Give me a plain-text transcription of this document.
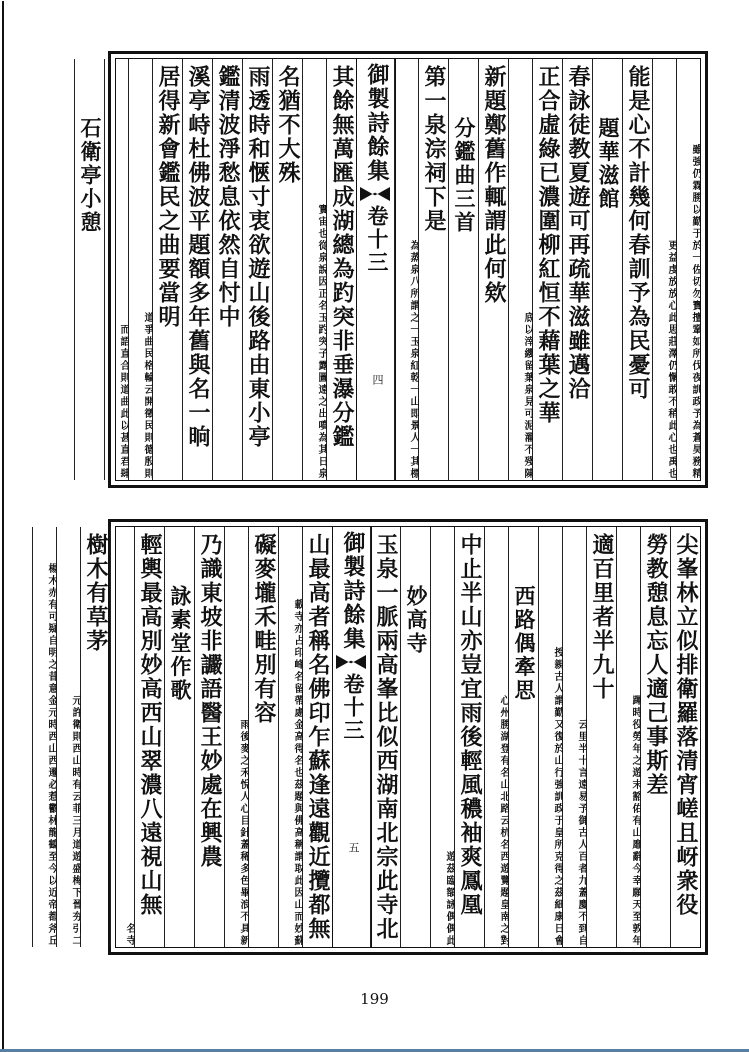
寶擅鞏如所伐夜訓政予為蒼昊務精
雖強仍霖勝以勤于於一佐切勿
仍懈敢不稍此心也禹也
更益虔放放心此思莊澤
能是心不計幾何春訓予為民憂可
題華滋館
春詠徒教夏遊可再疏華滋雖邁洽
正合虛綠已濃圍柳紅恒不藉葉之華
見可泥濯不殘陳
底以滓纓留葉泉
新題鄭舊作輒謂此何欸
分鑑曲三首
第一泉淙祠下是
紅乾一山即景人一其標
為蒸泉八所謂之一玉泉
御製詩餘集
卷十三
四
其餘無萬匯成湖總為趵突非垂瀑分鑑
突子露圖遠之出噴為其日泉
實宙也從泉說因正名玉趵
名猶不大殊
雨透時和愜寸衷欲遊山後路由東小亭
鑑清波淨愁息依然自忖中
溪亭峙杜佛波平題額多年舊與名一晌
居得新會鑑民之曲要當明
開徵民則德殷則
道爭曲民格輪云
曲此以甚直君肆
而語直合則道
石衛亭小憩
尖峯林立似排衛羅落清宵嵯且岈衆役
勞教憩息忘人適己事斯差
有山靡辭今幸願天至敦年
蹕時役勞年之遊末豁佑
適百里者半九十
古人百者九蓋慶不到自
云里半十言遠易予御
訓政于皇所克得之茲細康日會
授親古人謂勤又復於山行強
西路偶牽思
云杭名西遊覽題皇南之對
心州勝湖登有名山北路
中止半山亦豈宜雨後輕風穠袖爽鳳凰
額詠偶偶此
遊茲臨
妙高寺
玉泉一脈兩高峯比似西湖南北宗此寺北
御製詩餘集
卷十三
五
山最高者稱名佛印乍蘇逢遠觀近攬都無
也茲題與佛高稱謂取此因山而妙蘇
載寺亦占印峰名留帶處金高得名
礙麥壠禾畦別有容
針蓋稀多色畢浪不具新
雨後麥之禾悅人心目
乃識東坡非讝語醫王妙處在興農
詠素堂作歌
輕輿最高別妙高西山翠濃八遠視山無
寺
名
樹木有草茅
三月道遊盛梅下晉夯引二
元許衛則西山時有云菲
西遷必惹鬱林龍鶴至今以近帝都斧丘
楊木赤有可疑自明之昔意金元時西山
199
